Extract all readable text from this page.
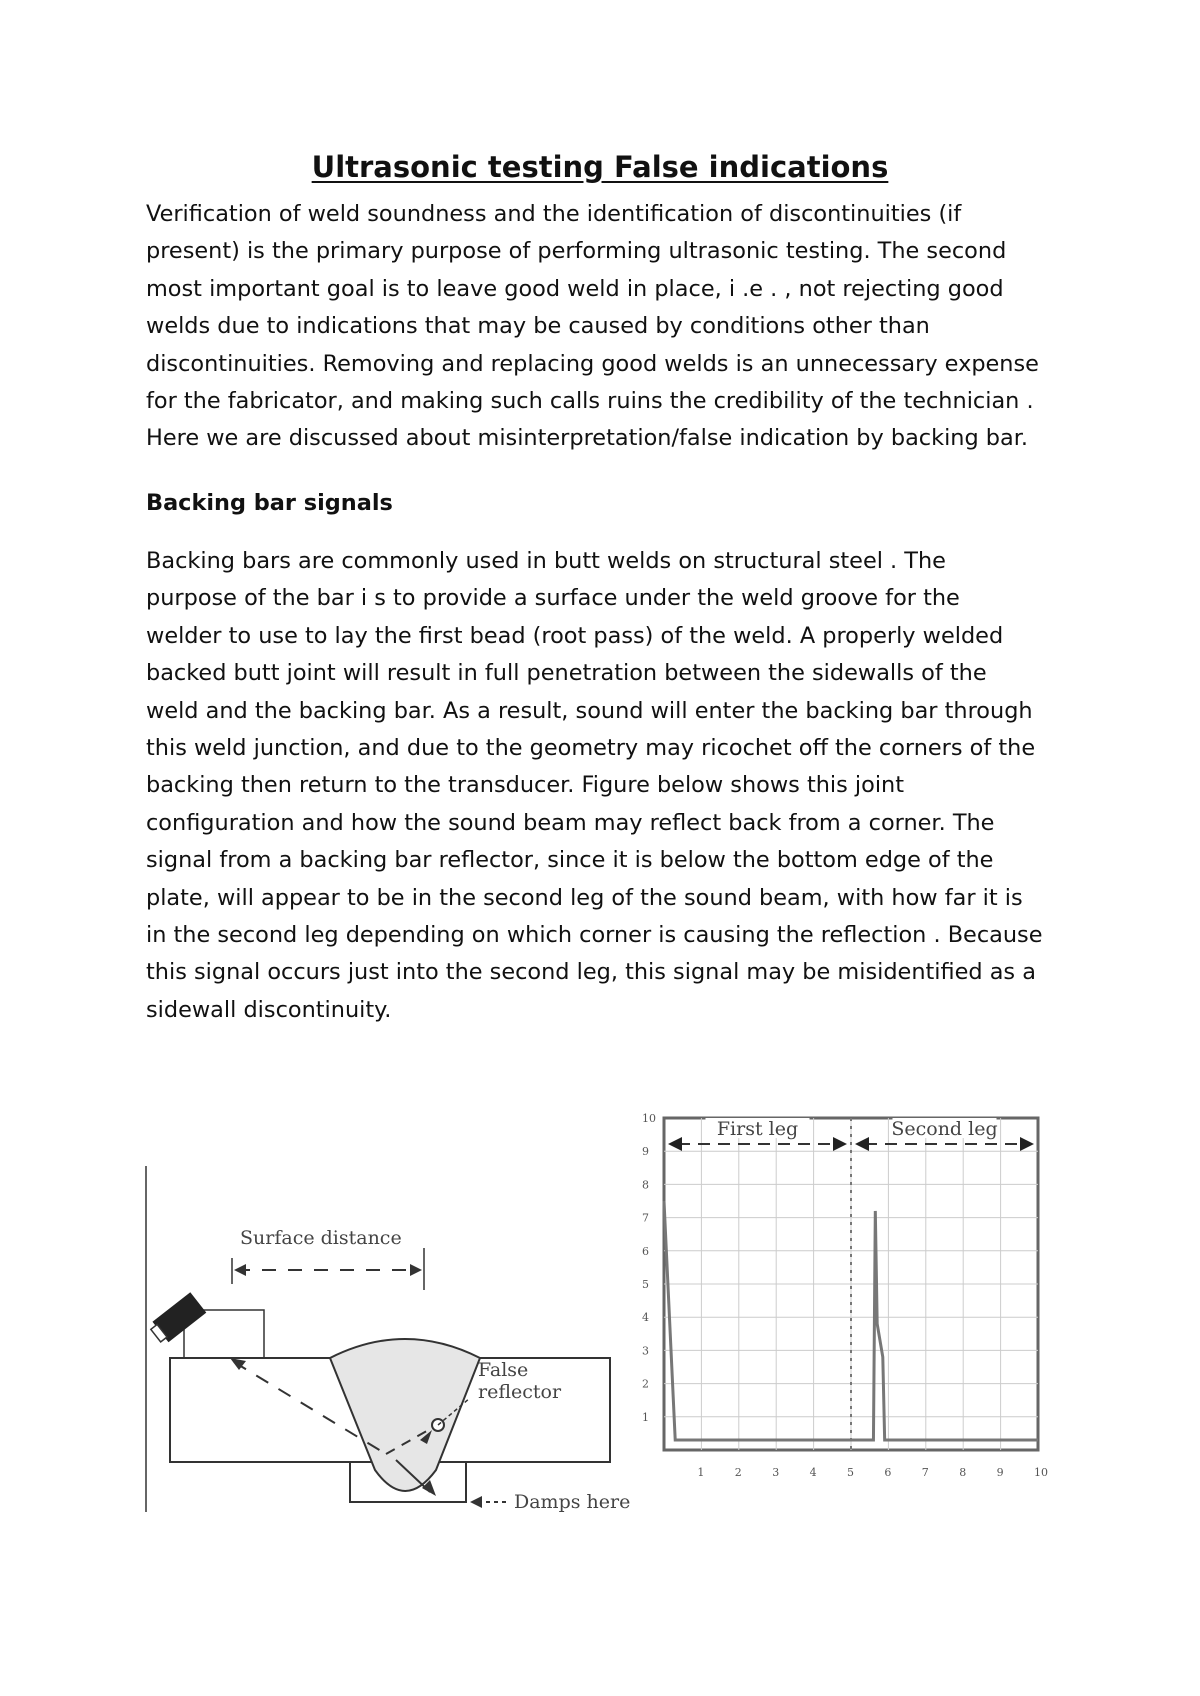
Ultrasonic testing False indications
Verification of weld soundness and the identification of discontinuities (if
present) is the primary purpose of performing ultrasonic testing. The second
most important goal is to leave good weld in place, i .e . , not rejecting good
welds due to indications that may be caused by conditions other than
discontinuities. Removing and replacing good welds is an unnecessary expense
for the fabricator, and making such calls ruins the credibility of the technician .
Here we are discussed about misinterpretation/false indication by backing bar.
Backing bar signals
Backing bars are commonly used in butt welds on structural steel . The
purpose of the bar i s to provide a surface under the weld groove for the
welder to use to lay the first bead (root pass) of the weld. A properly welded
backed butt joint will result in full penetration between the sidewalls of the
weld and the backing bar. As a result, sound will enter the backing bar through
this weld junction, and due to the geometry may ricochet off the corners of the
backing then return to the transducer. Figure below shows this joint
configuration and how the sound beam may reflect back from a corner. The
signal from a backing bar reflector, since it is below the bottom edge of the
plate, will appear to be in the second leg of the sound beam, with how far it is
in the second leg depending on which corner is causing the reflection . Because
this signal occurs just into the second leg, this signal may be misidentified as a
sidewall discontinuity.
Surface distance
False
reflector
Damps here
1
2
3
4
5
6
7
8
9
10
1	2	3	4	5	6	7	8	9	10
First leg	Second leg
